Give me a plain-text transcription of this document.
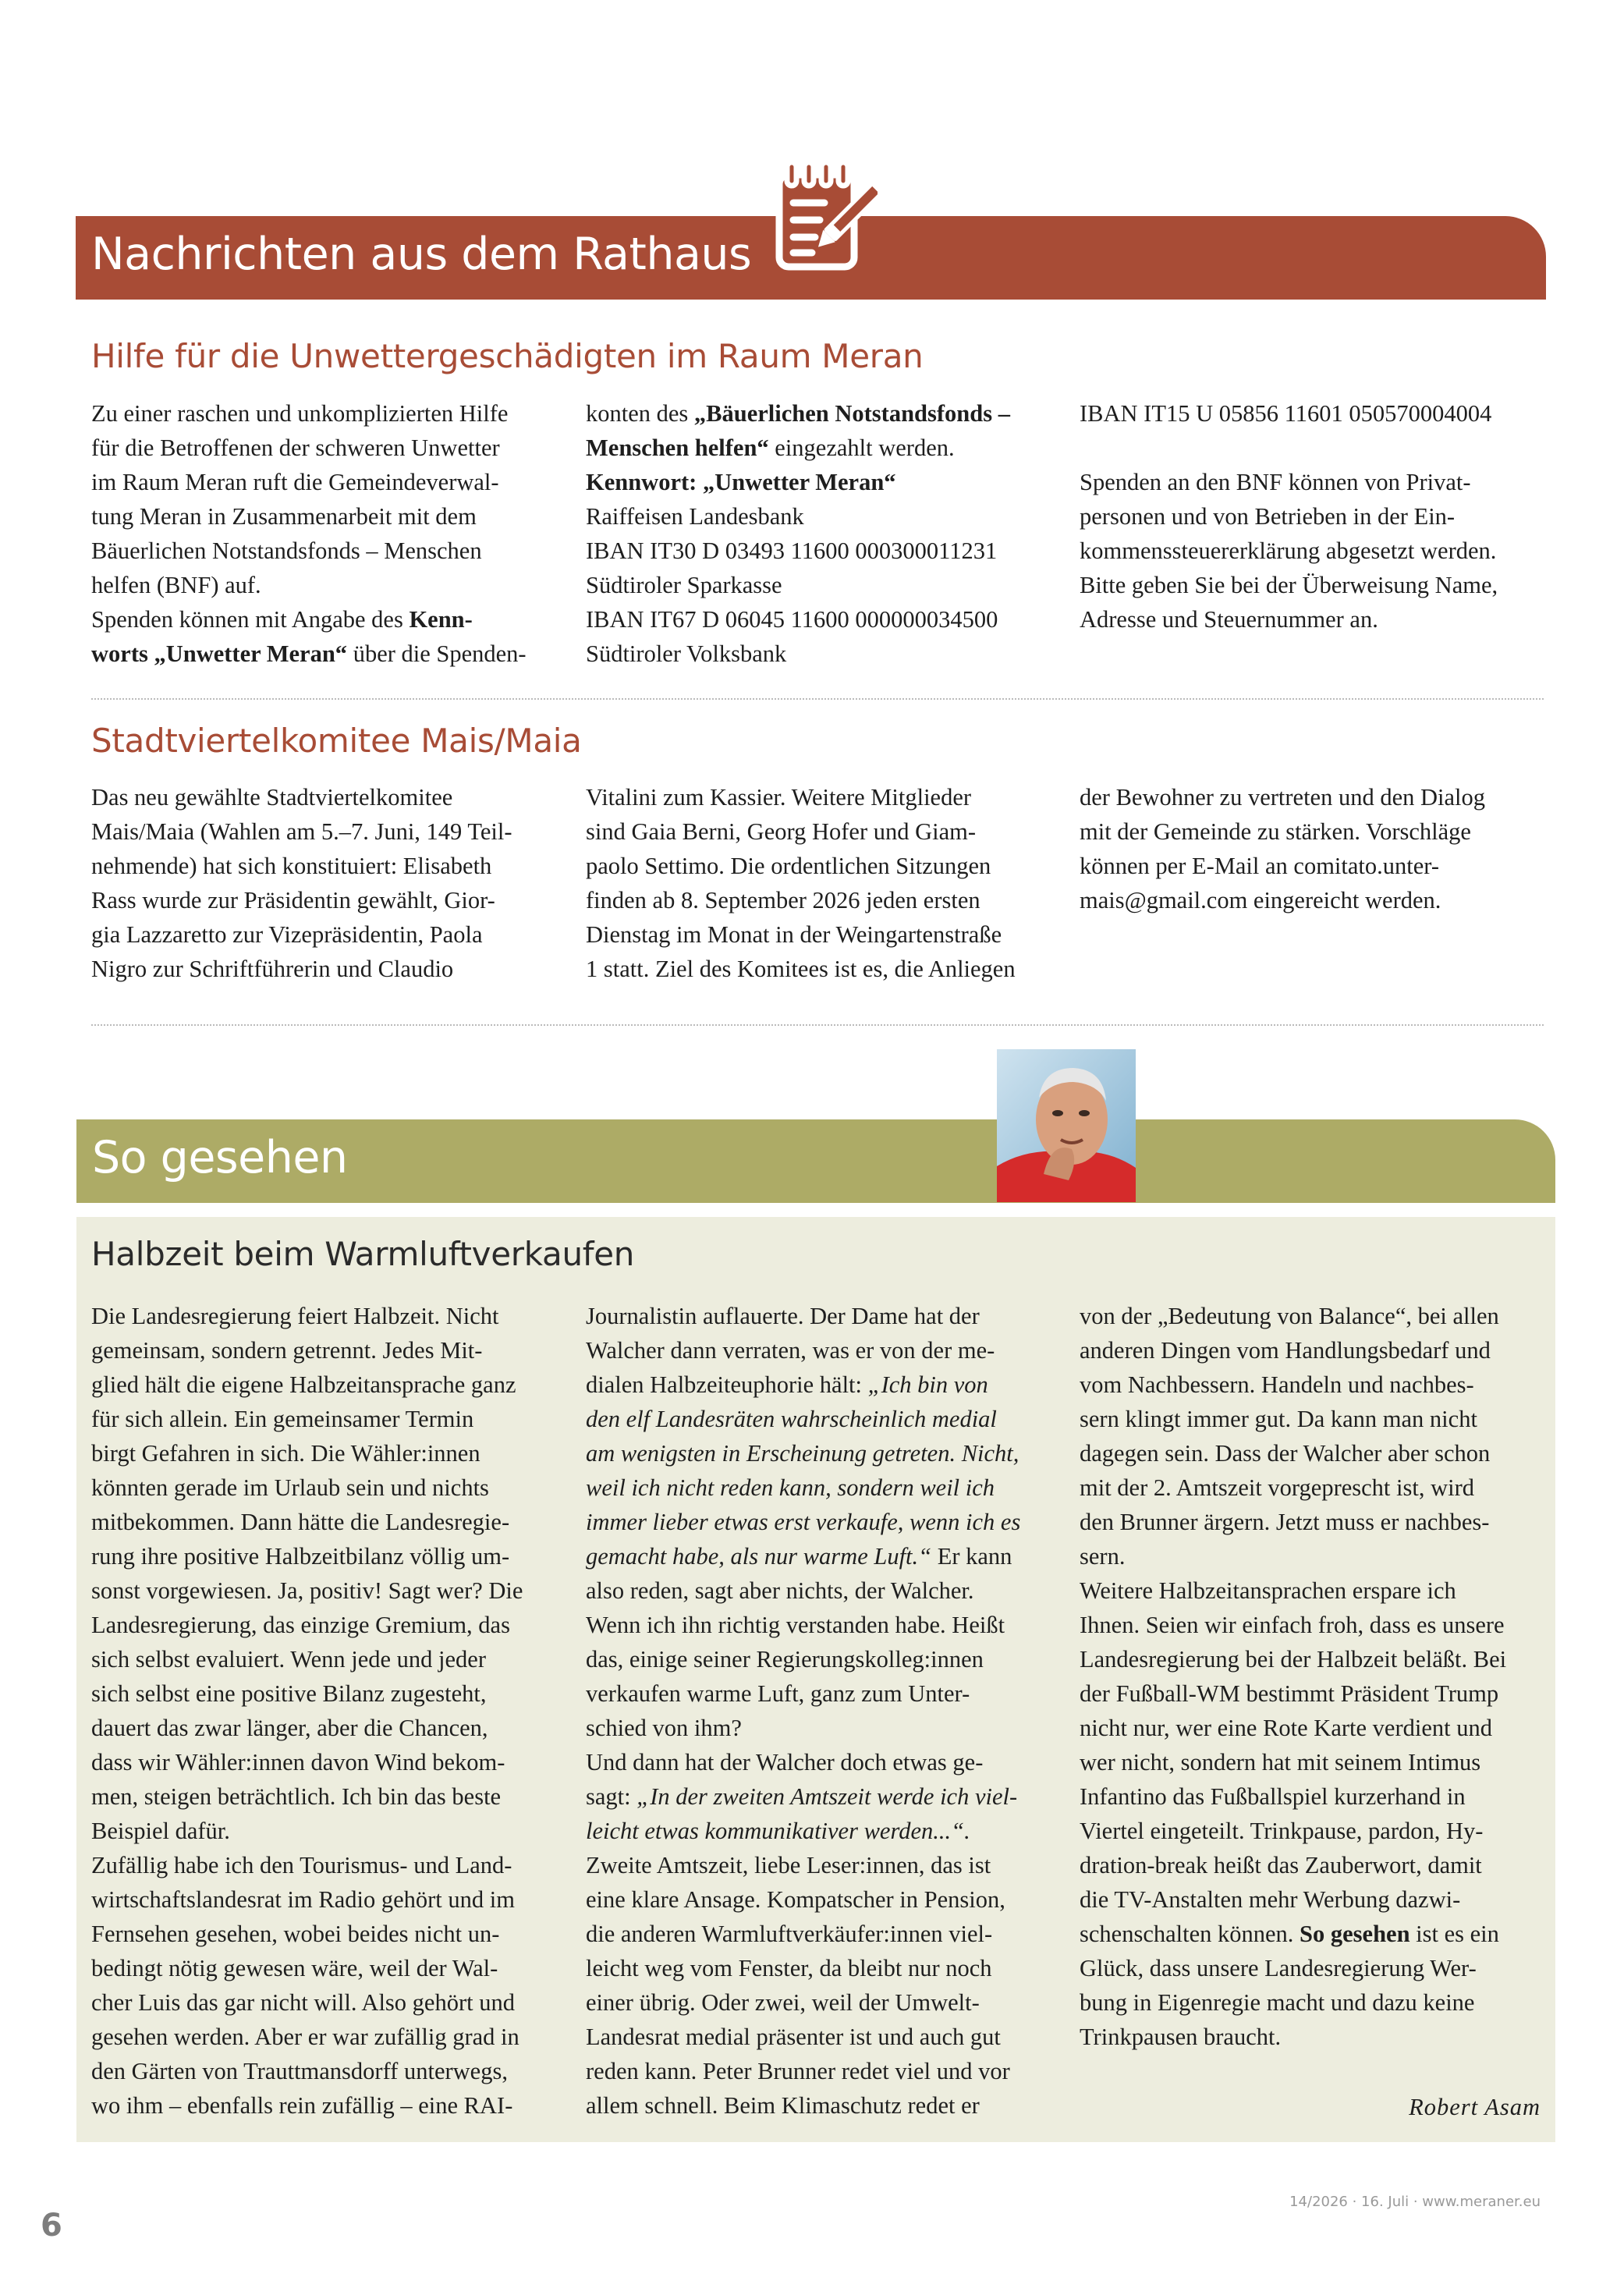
Nachrichten aus dem Rathaus
Hilfe für die Unwettergeschädigten im Raum Meran
Zu einer raschen und unkomplizierten Hilfe
für die Betroffenen der schweren Unwetter
im Raum Meran ruft die Gemeindeverwal-
tung Meran in Zusammenarbeit mit dem
Bäuerlichen Notstandsfonds – Menschen
helfen (BNF) auf.
Spenden können mit Angabe des Kenn-
worts „Unwetter Meran“ über die Spenden-
konten des „Bäuerlichen Notstandsfonds –
Menschen helfen“ eingezahlt werden.
Kennwort: „Unwetter Meran“
Raiffeisen Landesbank
IBAN IT30 D 03493 11600 000300011231
Südtiroler Sparkasse
IBAN IT67 D 06045 11600 000000034500
Südtiroler Volksbank
IBAN IT15 U 05856 11601 050570004004

Spenden an den BNF können von Privat-
personen und von Betrieben in der Ein-
kommenssteuererklärung abgesetzt werden.
Bitte geben Sie bei der Überweisung Name,
Adresse und Steuernummer an.
Stadtviertelkomitee Mais/Maia
Das neu gewählte Stadtviertelkomitee
Mais/Maia (Wahlen am 5.–7. Juni, 149 Teil-
nehmende) hat sich konstituiert: Elisabeth
Rass wurde zur Präsidentin gewählt, Gior-
gia Lazzaretto zur Vizepräsidentin, Paola
Nigro zur Schriftführerin und Claudio
Vitalini zum Kassier. Weitere Mitglieder
sind Gaia Berni, Georg Hofer und Giam-
paolo Settimo. Die ordentlichen Sitzungen
finden ab 8. September 2026 jeden ersten
Dienstag im Monat in der Weingartenstraße
1 statt. Ziel des Komitees ist es, die Anliegen
der Bewohner zu vertreten und den Dialog
mit der Gemeinde zu stärken. Vorschläge
können per E-Mail an comitato.unter-
mais@gmail.com eingereicht werden.
So gesehen
Halbzeit beim Warmluftverkaufen
Die Landesregierung feiert Halbzeit. Nicht
gemeinsam, sondern getrennt. Jedes Mit-
glied hält die eigene Halbzeitansprache ganz
für sich allein. Ein gemeinsamer Termin
birgt Gefahren in sich. Die Wähler:innen
könnten gerade im Urlaub sein und nichts
mitbekommen. Dann hätte die Landesregie-
rung ihre positive Halbzeitbilanz völlig um-
sonst vorgewiesen. Ja, positiv! Sagt wer? Die
Landesregierung, das einzige Gremium, das
sich selbst evaluiert. Wenn jede und jeder
sich selbst eine positive Bilanz zugesteht,
dauert das zwar länger, aber die Chancen,
dass wir Wähler:innen davon Wind bekom-
men, steigen beträchtlich. Ich bin das beste
Beispiel dafür.
Zufällig habe ich den Tourismus- und Land-
wirtschaftslandesrat im Radio gehört und im
Fernsehen gesehen, wobei beides nicht un-
bedingt nötig gewesen wäre, weil der Wal-
cher Luis das gar nicht will. Also gehört und
gesehen werden. Aber er war zufällig grad in
den Gärten von Trauttmansdorff unterwegs,
wo ihm – ebenfalls rein zufällig – eine RAI-
Journalistin auflauerte. Der Dame hat der
Walcher dann verraten, was er von der me-
dialen Halbzeiteuphorie hält: „Ich bin von
den elf Landesräten wahrscheinlich medial
am wenigsten in Erscheinung getreten. Nicht,
weil ich nicht reden kann, sondern weil ich
immer lieber etwas erst verkaufe, wenn ich es
gemacht habe, als nur warme Luft.“ Er kann
also reden, sagt aber nichts, der Walcher.
Wenn ich ihn richtig verstanden habe. Heißt
das, einige seiner Regierungskolleg:innen
verkaufen warme Luft, ganz zum Unter-
schied von ihm?
Und dann hat der Walcher doch etwas ge-
sagt: „In der zweiten Amtszeit werde ich viel-
leicht etwas kommunikativer werden...“.
Zweite Amtszeit, liebe Leser:innen, das ist
eine klare Ansage. Kompatscher in Pension,
die anderen Warmluftverkäufer:innen viel-
leicht weg vom Fenster, da bleibt nur noch
einer übrig. Oder zwei, weil der Umwelt-
Landesrat medial präsenter ist und auch gut
reden kann. Peter Brunner redet viel und vor
allem schnell. Beim Klimaschutz redet er
von der „Bedeutung von Balance“, bei allen
anderen Dingen vom Handlungsbedarf und
vom Nachbessern. Handeln und nachbes-
sern klingt immer gut. Da kann man nicht
dagegen sein. Dass der Walcher aber schon
mit der 2. Amtszeit vorgeprescht ist, wird
den Brunner ärgern. Jetzt muss er nachbes-
sern.
Weitere Halbzeitansprachen erspare ich
Ihnen. Seien wir einfach froh, dass es unsere
Landesregierung bei der Halbzeit beläßt. Bei
der Fußball-WM bestimmt Präsident Trump
nicht nur, wer eine Rote Karte verdient und
wer nicht, sondern hat mit seinem Intimus
Infantino das Fußballspiel kurzerhand in
Viertel eingeteilt. Trinkpause, pardon, Hy-
dration-break heißt das Zauberwort, damit
die TV-Anstalten mehr Werbung dazwi-
schenschalten können. So gesehen ist es ein
Glück, dass unsere Landesregierung Wer-
bung in Eigenregie macht und dazu keine
Trinkpausen braucht.
Robert Asam
6
14/2026 · 16. Juli · www.meraner.eu
